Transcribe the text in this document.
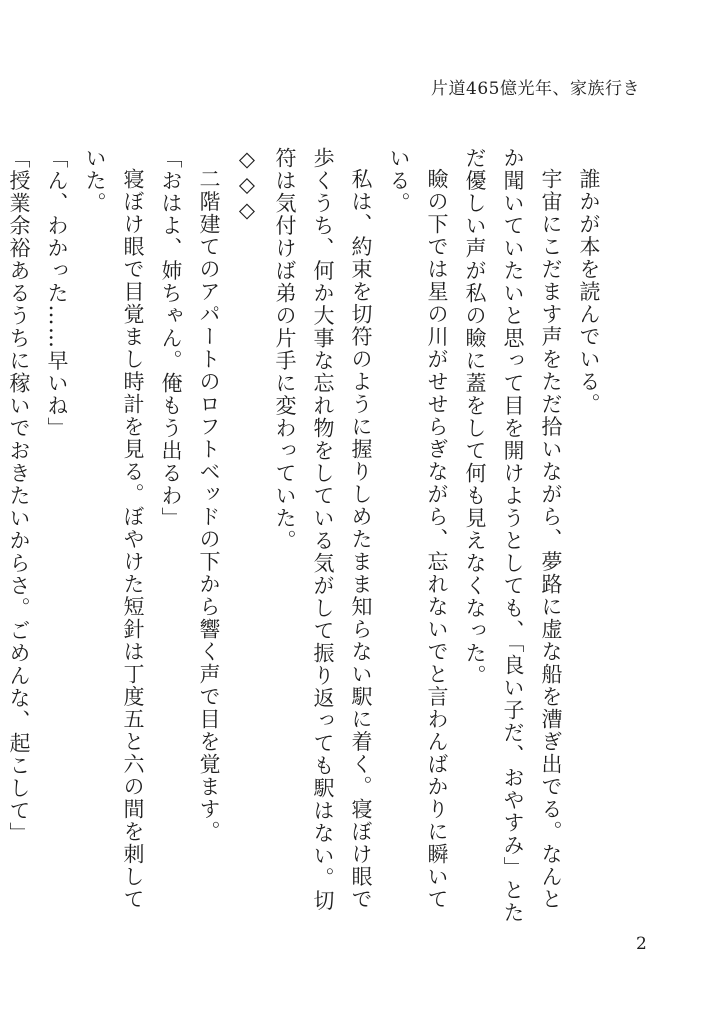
片道465億光年、家族行き

誰かが本を読んでいる。

宇宙にこだます声をただ拾いながら、夢路に虚な船を漕ぎ出でる。なんとか聞いていたいと思って目を開けようとしても、「良い子だ、おやすみ」とただ優しい声が私の瞼に蓋をして何も見えなくなった。

瞼の下では星の川がせせらぎながら、忘れないでと言わんばかりに瞬いている。

私は、約束を切符のように握りしめたまま知らない駅に着く。寝ぼけ眼で歩くうち、何か大事な忘れ物をしている気がして振り返っても駅はない。切符は気付けば弟の片手に変わっていた。

◇◇◇

二階建てのアパートのロフトベッドの下から響く声で目を覚ます。

「おはよ、姉ちゃん。俺もう出るわ」

寝ぼけ眼で目覚まし時計を見る。ぼやけた短針は丁度五と六の間を刺していた。

「ん、わかった……早いね」

「授業余裕あるうちに稼いでおきたいからさ。ごめんな、起こして」

2
